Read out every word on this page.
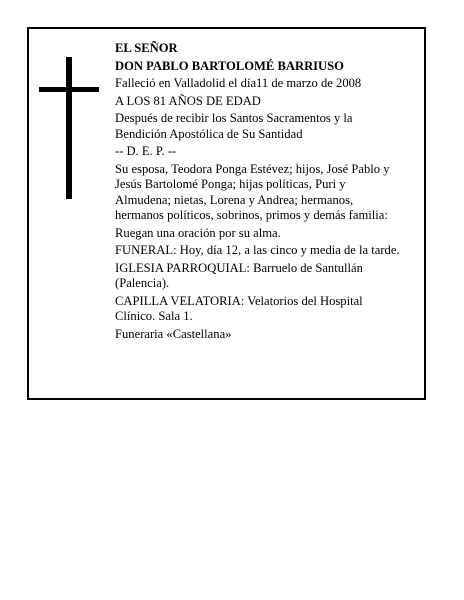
EL SEÑOR

DON PABLO BARTOLOMÉ BARRIUSO

Falleció en Valladolid el día11 de marzo de 2008

A LOS 81 AÑOS DE EDAD

Después de recibir los Santos Sacramentos y la
Bendición Apostólica de Su Santidad

-- D. E. P. --

Su esposa, Teodora Ponga Estévez; hijos, José Pablo y
Jesús Bartolomé Ponga; hijas políticas, Puri y
Almudena; nietas, Lorena y Andrea; hermanos,
hermanos políticos, sobrinos, primos y demás familia:

Ruegan una oración por su alma.

FUNERAL: Hoy, día 12, a las cinco y media de la tarde.

IGLESIA PARROQUIAL: Barruelo de Santullán
(Palencia).

CAPILLA VELATORIA: Velatorios del Hospital
Clínico. Sala 1.

Funeraria «Castellana»
